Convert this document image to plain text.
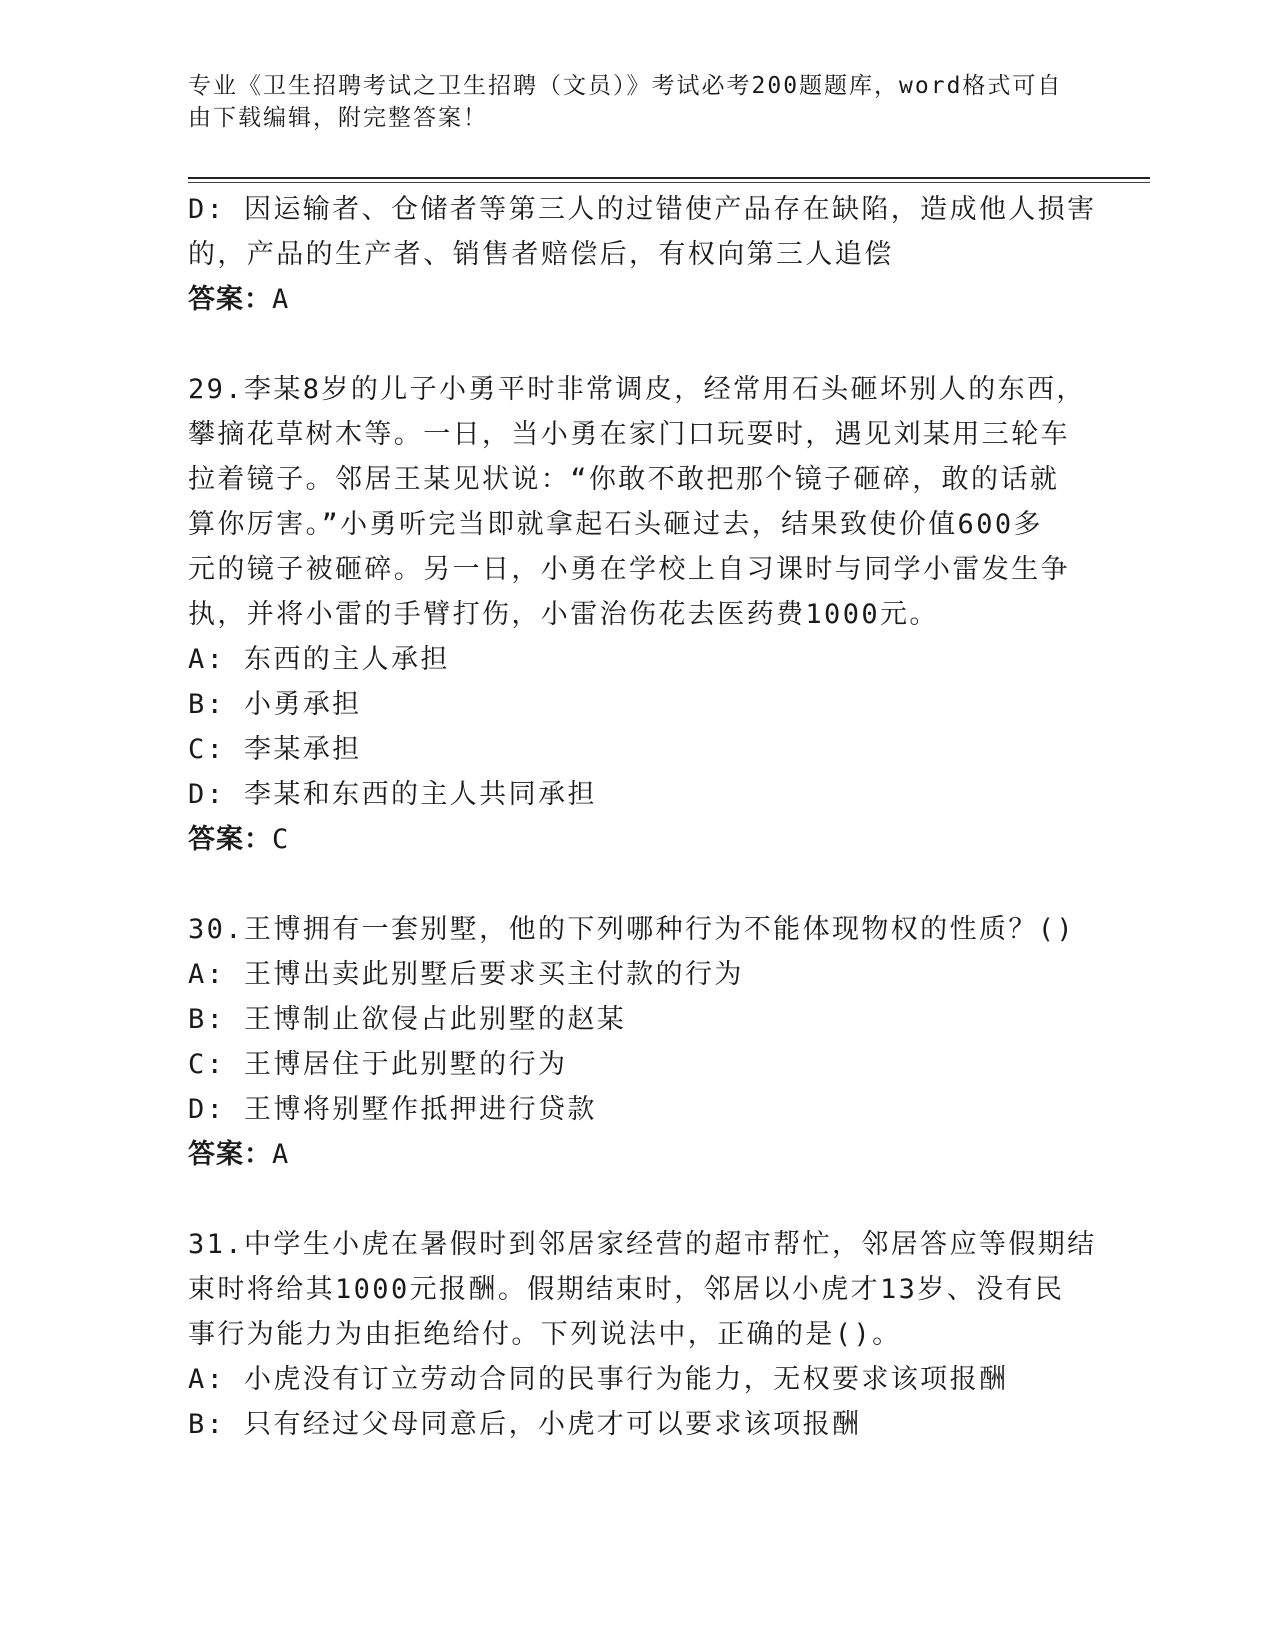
专业《卫生招聘考试之卫生招聘（文员）》考试必考200题题库，word格式可自
由下载编辑，附完整答案！
D: 因运输者、仓储者等第三人的过错使产品存在缺陷，造成他人损害
的，产品的生产者、销售者赔偿后，有权向第三人追偿
答案：A
29.李某8岁的儿子小勇平时非常调皮，经常用石头砸坏别人的东西，
攀摘花草树木等。一日，当小勇在家门口玩耍时，遇见刘某用三轮车
拉着镜子。邻居王某见状说：“你敢不敢把那个镜子砸碎，敢的话就
算你厉害。”小勇听完当即就拿起石头砸过去，结果致使价值600多
元的镜子被砸碎。另一日，小勇在学校上自习课时与同学小雷发生争
执，并将小雷的手臂打伤，小雷治伤花去医药费1000元。
A: 东西的主人承担
B: 小勇承担
C: 李某承担
D: 李某和东西的主人共同承担
答案：C
30.王博拥有一套别墅，他的下列哪种行为不能体现物权的性质？()
A: 王博出卖此别墅后要求买主付款的行为
B: 王博制止欲侵占此别墅的赵某
C: 王博居住于此别墅的行为
D: 王博将别墅作抵押进行贷款
答案：A
31.中学生小虎在暑假时到邻居家经营的超市帮忙，邻居答应等假期结
束时将给其1000元报酬。假期结束时，邻居以小虎才13岁、没有民
事行为能力为由拒绝给付。下列说法中，正确的是()。
A: 小虎没有订立劳动合同的民事行为能力，无权要求该项报酬
B: 只有经过父母同意后，小虎才可以要求该项报酬
